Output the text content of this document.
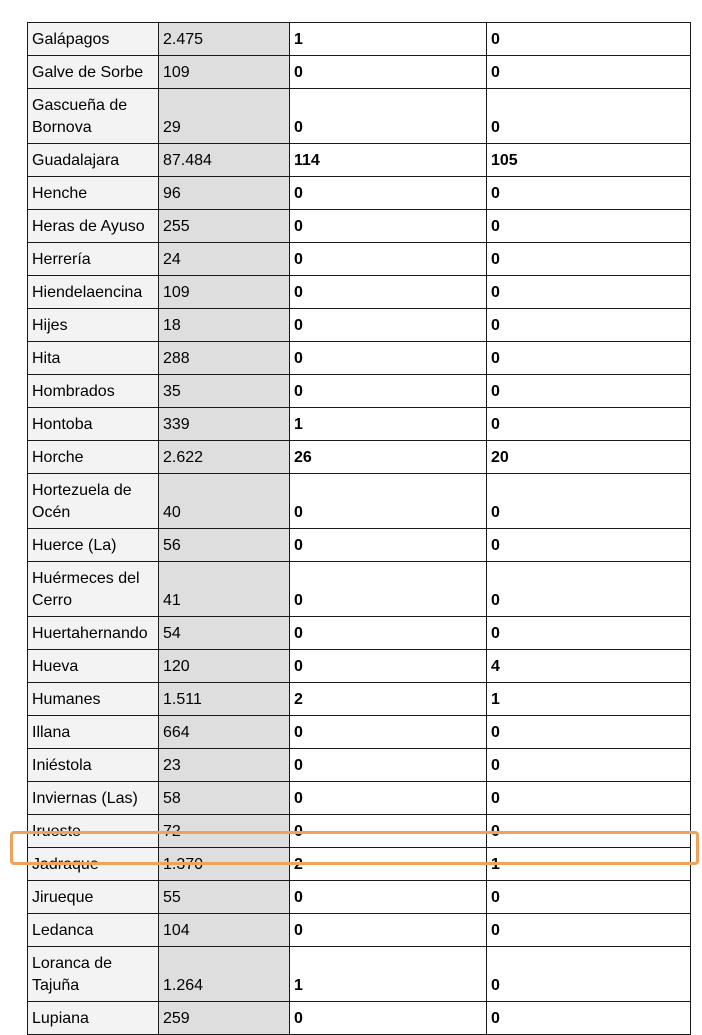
Galápagos	2.475	1	0
Galve de Sorbe	109	0	0
Gascueña de Bornova	29	0	0
Guadalajara	87.484	114	105
Henche	96	0	0
Heras de Ayuso	255	0	0
Herrería	24	0	0
Hiendelaencina	109	0	0
Hijes	18	0	0
Hita	288	0	0
Hombrados	35	0	0
Hontoba	339	1	0
Horche	2.622	26	20
Hortezuela de Océn	40	0	0
Huerce (La)	56	0	0
Huérmeces del Cerro	41	0	0
Huertahernando	54	0	0
Hueva	120	0	4
Humanes	1.511	2	1
Illana	664	0	0
Iniéstola	23	0	0
Inviernas (Las)	58	0	0
Irueste	72	0	0
Jadraque	1.370	2	1
Jirueque	55	0	0
Ledanca	104	0	0
Loranca de Tajuña	1.264	1	0
Lupiana	259	0	0
